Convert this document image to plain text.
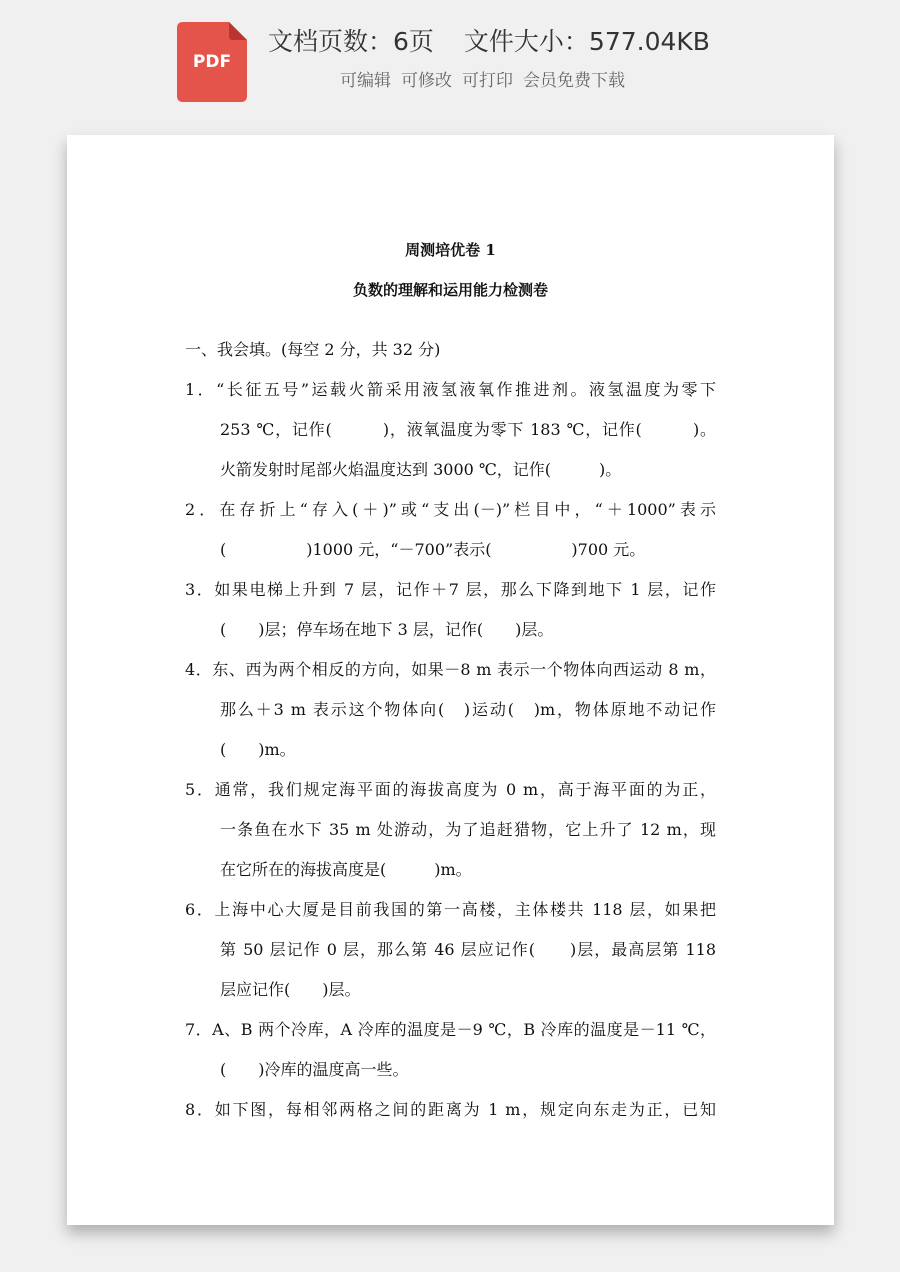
PDF
文档页数：6页 文件大小：577.04KB
可编辑 可修改 可打印 会员免费下载
周测培优卷 1
负数的理解和运用能力检测卷
一、我会填。(每空 2 分，共 32 分)
1．“长征五号”运载火箭采用液氢液氧作推进剂。液氢温度为零下
253 ℃，记作(　　　)，液氧温度为零下 183 ℃，记作(　　　)。
火箭发射时尾部火焰温度达到 3000 ℃，记作(　　　)。
2．在存折上“存入(＋)”或“支出(－)”栏目中，“＋1000”表示
(　　　　　)1000 元，“－700”表示(　　　　　)700 元。
3．如果电梯上升到 7 层，记作＋7 层，那么下降到地下 1 层，记作
(　　)层；停车场在地下 3 层，记作(　　)层。
4．东、西为两个相反的方向，如果－8 m 表示一个物体向西运动 8 m，
那么＋3 m 表示这个物体向(　)运动(　)m，物体原地不动记作
(　　)m。
5．通常，我们规定海平面的海拔高度为 0 m，高于海平面的为正，
一条鱼在水下 35 m 处游动，为了追赶猎物，它上升了 12 m，现
在它所在的海拔高度是(　　　)m。
6．上海中心大厦是目前我国的第一高楼，主体楼共 118 层，如果把
第 50 层记作 0 层，那么第 46 层应记作(　　)层，最高层第 118
层应记作(　　)层。
7．A、B 两个冷库，A 冷库的温度是－9 ℃，B 冷库的温度是－11 ℃，
(　　)冷库的温度高一些。
8．如下图，每相邻两格之间的距离为 1 m，规定向东走为正，已知
